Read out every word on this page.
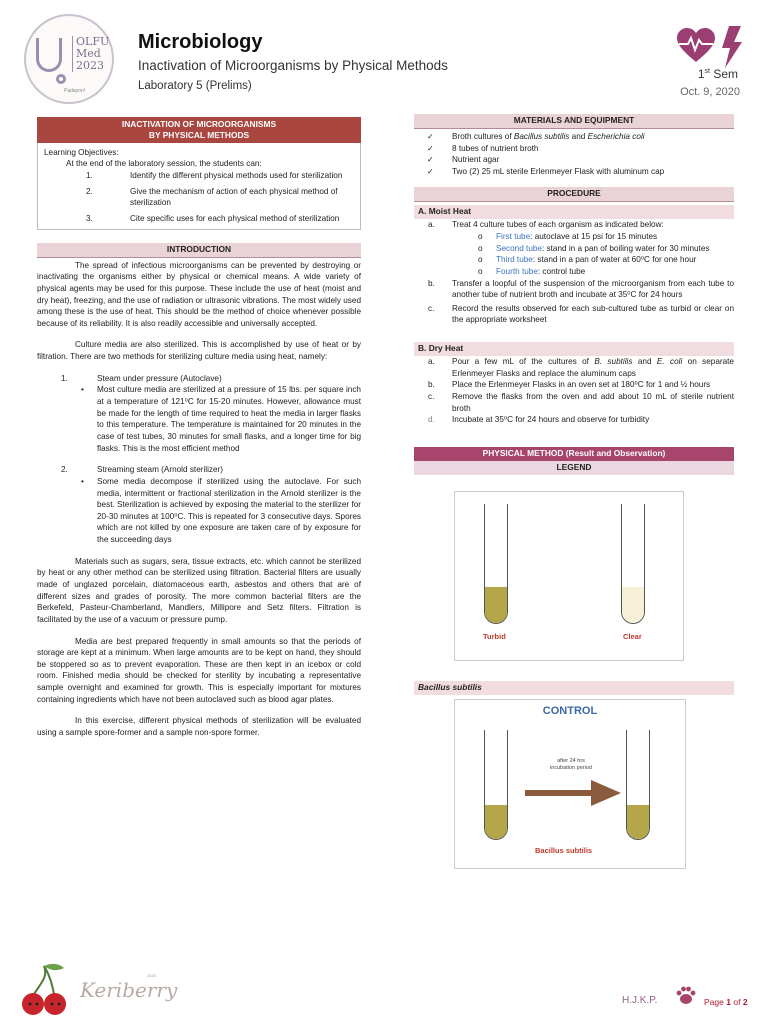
OLFU
Med
2023
Padayon!
Microbiology
Inactivation of Microorganisms by Physical Methods
Laboratory 5 (Prelims)
1st Sem
Oct. 9, 2020
INACTIVATION OF MICROORGANISMS
BY PHYSICAL METHODS
Learning Objectives:
At the end of the laboratory session, the students can:
1.	Identify the different physical methods used for sterilization
2.	Give the mechanism of action of each physical method of sterilization
3.	Cite specific uses for each physical method of sterilization
INTRODUCTION

The spread of infectious microorganisms can be prevented by destroying or inactivating the organisms either by physical or chemical means. A wide variety of physical agents may be used for this purpose. These include the use of heat (moist and dry heat), freezing, and the use of radiation or ultrasonic vibrations. The most widely used among these is the use of heat. This should be the method of choice whenever possible because of its reliability. It is also readily accessible and universally accepted.

Culture media are also sterilized. This is accomplished by use of heat or by filtration. There are two methods for sterilizing culture media using heat, namely:

1.	Steam under pressure (Autoclave)
• Most culture media are sterilized at a pressure of 15 lbs. per square inch at a temperature of 121⁰C for 15-20 minutes. However, allowance must be made for the length of time required to heat the media in larger flasks to this temperature. The temperature is maintained for 20 minutes in the case of test tubes, 30 minutes for small flasks, and a longer time for big flasks. This is the most efficient method
2.	Streaming steam (Arnold sterilizer)
• Some media decompose if sterilized using the autoclave. For such media, intermittent or fractional sterilization in the Arnold sterilizer is the best. Sterilization is achieved by exposing the material to the sterilizer for 20-30 minutes at 100⁰C. This is repeated for 3 consecutive days. Spores which are not killed by one exposure are taken care of by exposure for the succeeding days

Materials such as sugars, sera, tissue extracts, etc. which cannot be sterilized by heat or any other method can be sterilized using filtration. Bacterial filters are usually made of unglazed porcelain, diatomaceous earth, asbestos and others that are of different sizes and grades of porosity. The more common bacterial filters are the Berkefeld, Pasteur-Chamberland, Mandlers, Millipore and Setz filters. Filtration is facilitated by the use of a vacuum or pressure pump.

Media are best prepared frequently in small amounts so that the periods of storage are kept at a minimum. When large amounts are to be kept on hand, they should be stoppered so as to prevent evaporation. These are then kept in an icebox or cold room. Finished media should be checked for sterility by incubating a representative sample overnight and examined for growth. This is especially important for mixtures containing ingredients which have not been autoclaved such as blood agar plates.

In this exercise, different physical methods of sterilization will be evaluated using a sample spore-former and a sample non-spore former.

MATERIALS AND EQUIPMENT
✓ Broth cultures of Bacillus subtilis and Escherichia coli
✓ 8 tubes of nutrient broth
✓ Nutrient agar
✓ Two (2) 25 mL sterile Erlenmeyer Flask with aluminum cap
PROCEDURE
A. Moist Heat
a. Treat 4 culture tubes of each organism as indicated below:
o First tube: autoclave at 15 psi for 15 minutes
o Second tube: stand in a pan of boiling water for 30 minutes
o Third tube: stand in a pan of water at 60⁰C for one hour
o Fourth tube: control tube
b. Transfer a loopful of the suspension of the microorganism from each tube to another tube of nutrient broth and incubate at 35⁰C for 24 hours
c. Record the results observed for each sub-cultured tube as turbid or clear on the appropriate worksheet
B. Dry Heat
a. Pour a few mL of the cultures of B. subtilis and E. coli on separate Erlenmeyer Flasks and replace the aluminum caps
b. Place the Erlenmeyer Flasks in an oven set at 180⁰C for 1 and ½ hours
c. Remove the flasks from the oven and add about 10 mL of sterile nutrient broth
d. Incubate at 35⁰C for 24 hours and observe for turbidity
PHYSICAL METHOD (Result and Observation)
LEGEND
Turbid	Clear
Bacillus subtilis
CONTROL
after 24 hrs
incubation period
Bacillus subtilis
Keriberry
2023
H.J.K.P.	Page 1 of 2
